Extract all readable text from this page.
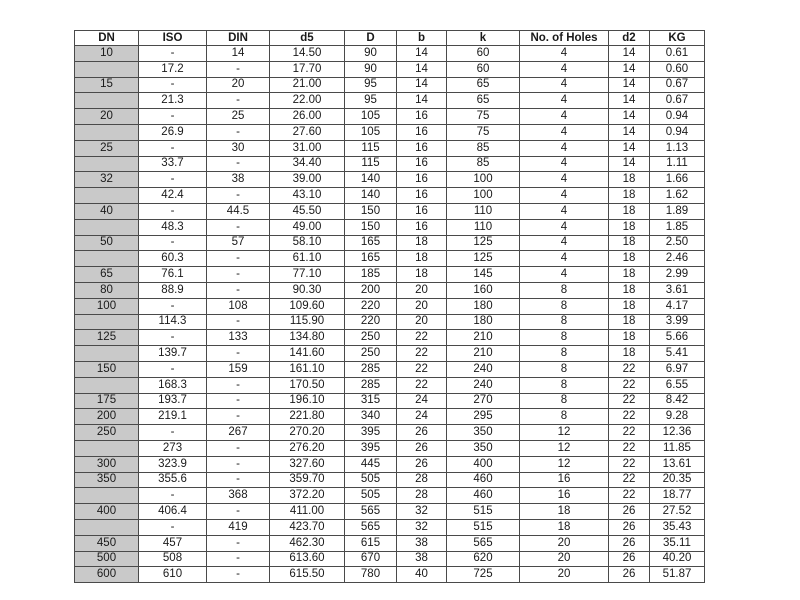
DN	ISO	DIN	d5	D	b	k	No. of Holes	d2	KG
10	-	14	14.50	90	14	60	4	14	0.61
	17.2	-	17.70	90	14	60	4	14	0.60
15	-	20	21.00	95	14	65	4	14	0.67
	21.3	-	22.00	95	14	65	4	14	0.67
20	-	25	26.00	105	16	75	4	14	0.94
	26.9	-	27.60	105	16	75	4	14	0.94
25	-	30	31.00	115	16	85	4	14	1.13
	33.7	-	34.40	115	16	85	4	14	1.11
32	-	38	39.00	140	16	100	4	18	1.66
	42.4	-	43.10	140	16	100	4	18	1.62
40	-	44.5	45.50	150	16	110	4	18	1.89
	48.3	-	49.00	150	16	110	4	18	1.85
50	-	57	58.10	165	18	125	4	18	2.50
	60.3	-	61.10	165	18	125	4	18	2.46
65	76.1	-	77.10	185	18	145	4	18	2.99
80	88.9	-	90.30	200	20	160	8	18	3.61
100	-	108	109.60	220	20	180	8	18	4.17
	114.3	-	115.90	220	20	180	8	18	3.99
125	-	133	134.80	250	22	210	8	18	5.66
	139.7	-	141.60	250	22	210	8	18	5.41
150	-	159	161.10	285	22	240	8	22	6.97
	168.3	-	170.50	285	22	240	8	22	6.55
175	193.7	-	196.10	315	24	270	8	22	8.42
200	219.1	-	221.80	340	24	295	8	22	9.28
250	-	267	270.20	395	26	350	12	22	12.36
	273	-	276.20	395	26	350	12	22	11.85
300	323.9	-	327.60	445	26	400	12	22	13.61
350	355.6	-	359.70	505	28	460	16	22	20.35
	-	368	372.20	505	28	460	16	22	18.77
400	406.4	-	411.00	565	32	515	18	26	27.52
	-	419	423.70	565	32	515	18	26	35.43
450	457	-	462.30	615	38	565	20	26	35.11
500	508	-	613.60	670	38	620	20	26	40.20
600	610	-	615.50	780	40	725	20	26	51.87
